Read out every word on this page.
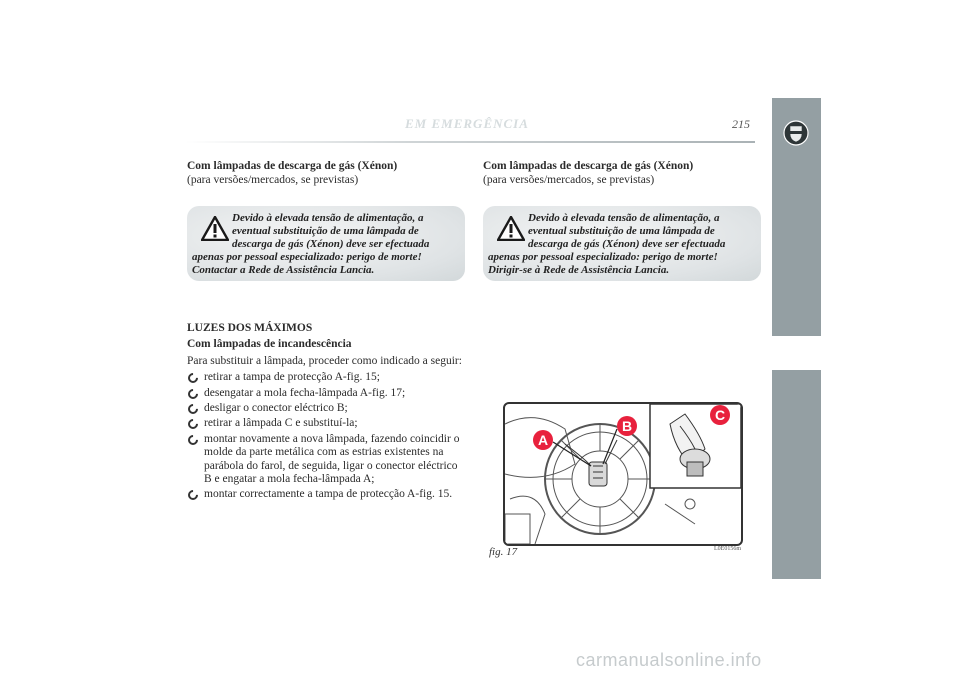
EM EMERGÊNCIA	215
4
Com lâmpadas de descarga de gás (Xénon)
(para versões/mercados, se previstas)
Devido à elevada tensão de alimentação, a eventual substituição de uma lâmpada de descarga de gás (Xénon) deve ser efectuada
apenas por pessoal especializado: perigo de morte! Contactar a Rede de Assistência Lancia.
LUZES DOS MÁXIMOS
Com lâmpadas de incandescência
Para substituir a lâmpada, proceder como indicado a seguir:
retirar a tampa de protecção A-fig. 15;
desengatar a mola fecha-lâmpada A-fig. 17;
desligar o conector eléctrico B;
retirar a lâmpada C e substituí-la;
montar novamente a nova lâmpada, fazendo coincidir o molde da parte metálica com as estrias existentes na parábola do farol, de seguida, ligar o conector eléctrico B e engatar a mola fecha-lâmpada A;
montar correctamente a tampa de protecção A-fig. 15.
Com lâmpadas de descarga de gás (Xénon)
(para versões/mercados, se previstas)
Devido à elevada tensão de alimentação, a eventual substituição de uma lâmpada de descarga de gás (Xénon) deve ser efectuada
apenas por pessoal especializado: perigo de morte! Dirigir-se à Rede de Assistência Lancia.
A
B
C
fig. 17	L0E0156m
carmanualsonline.info
